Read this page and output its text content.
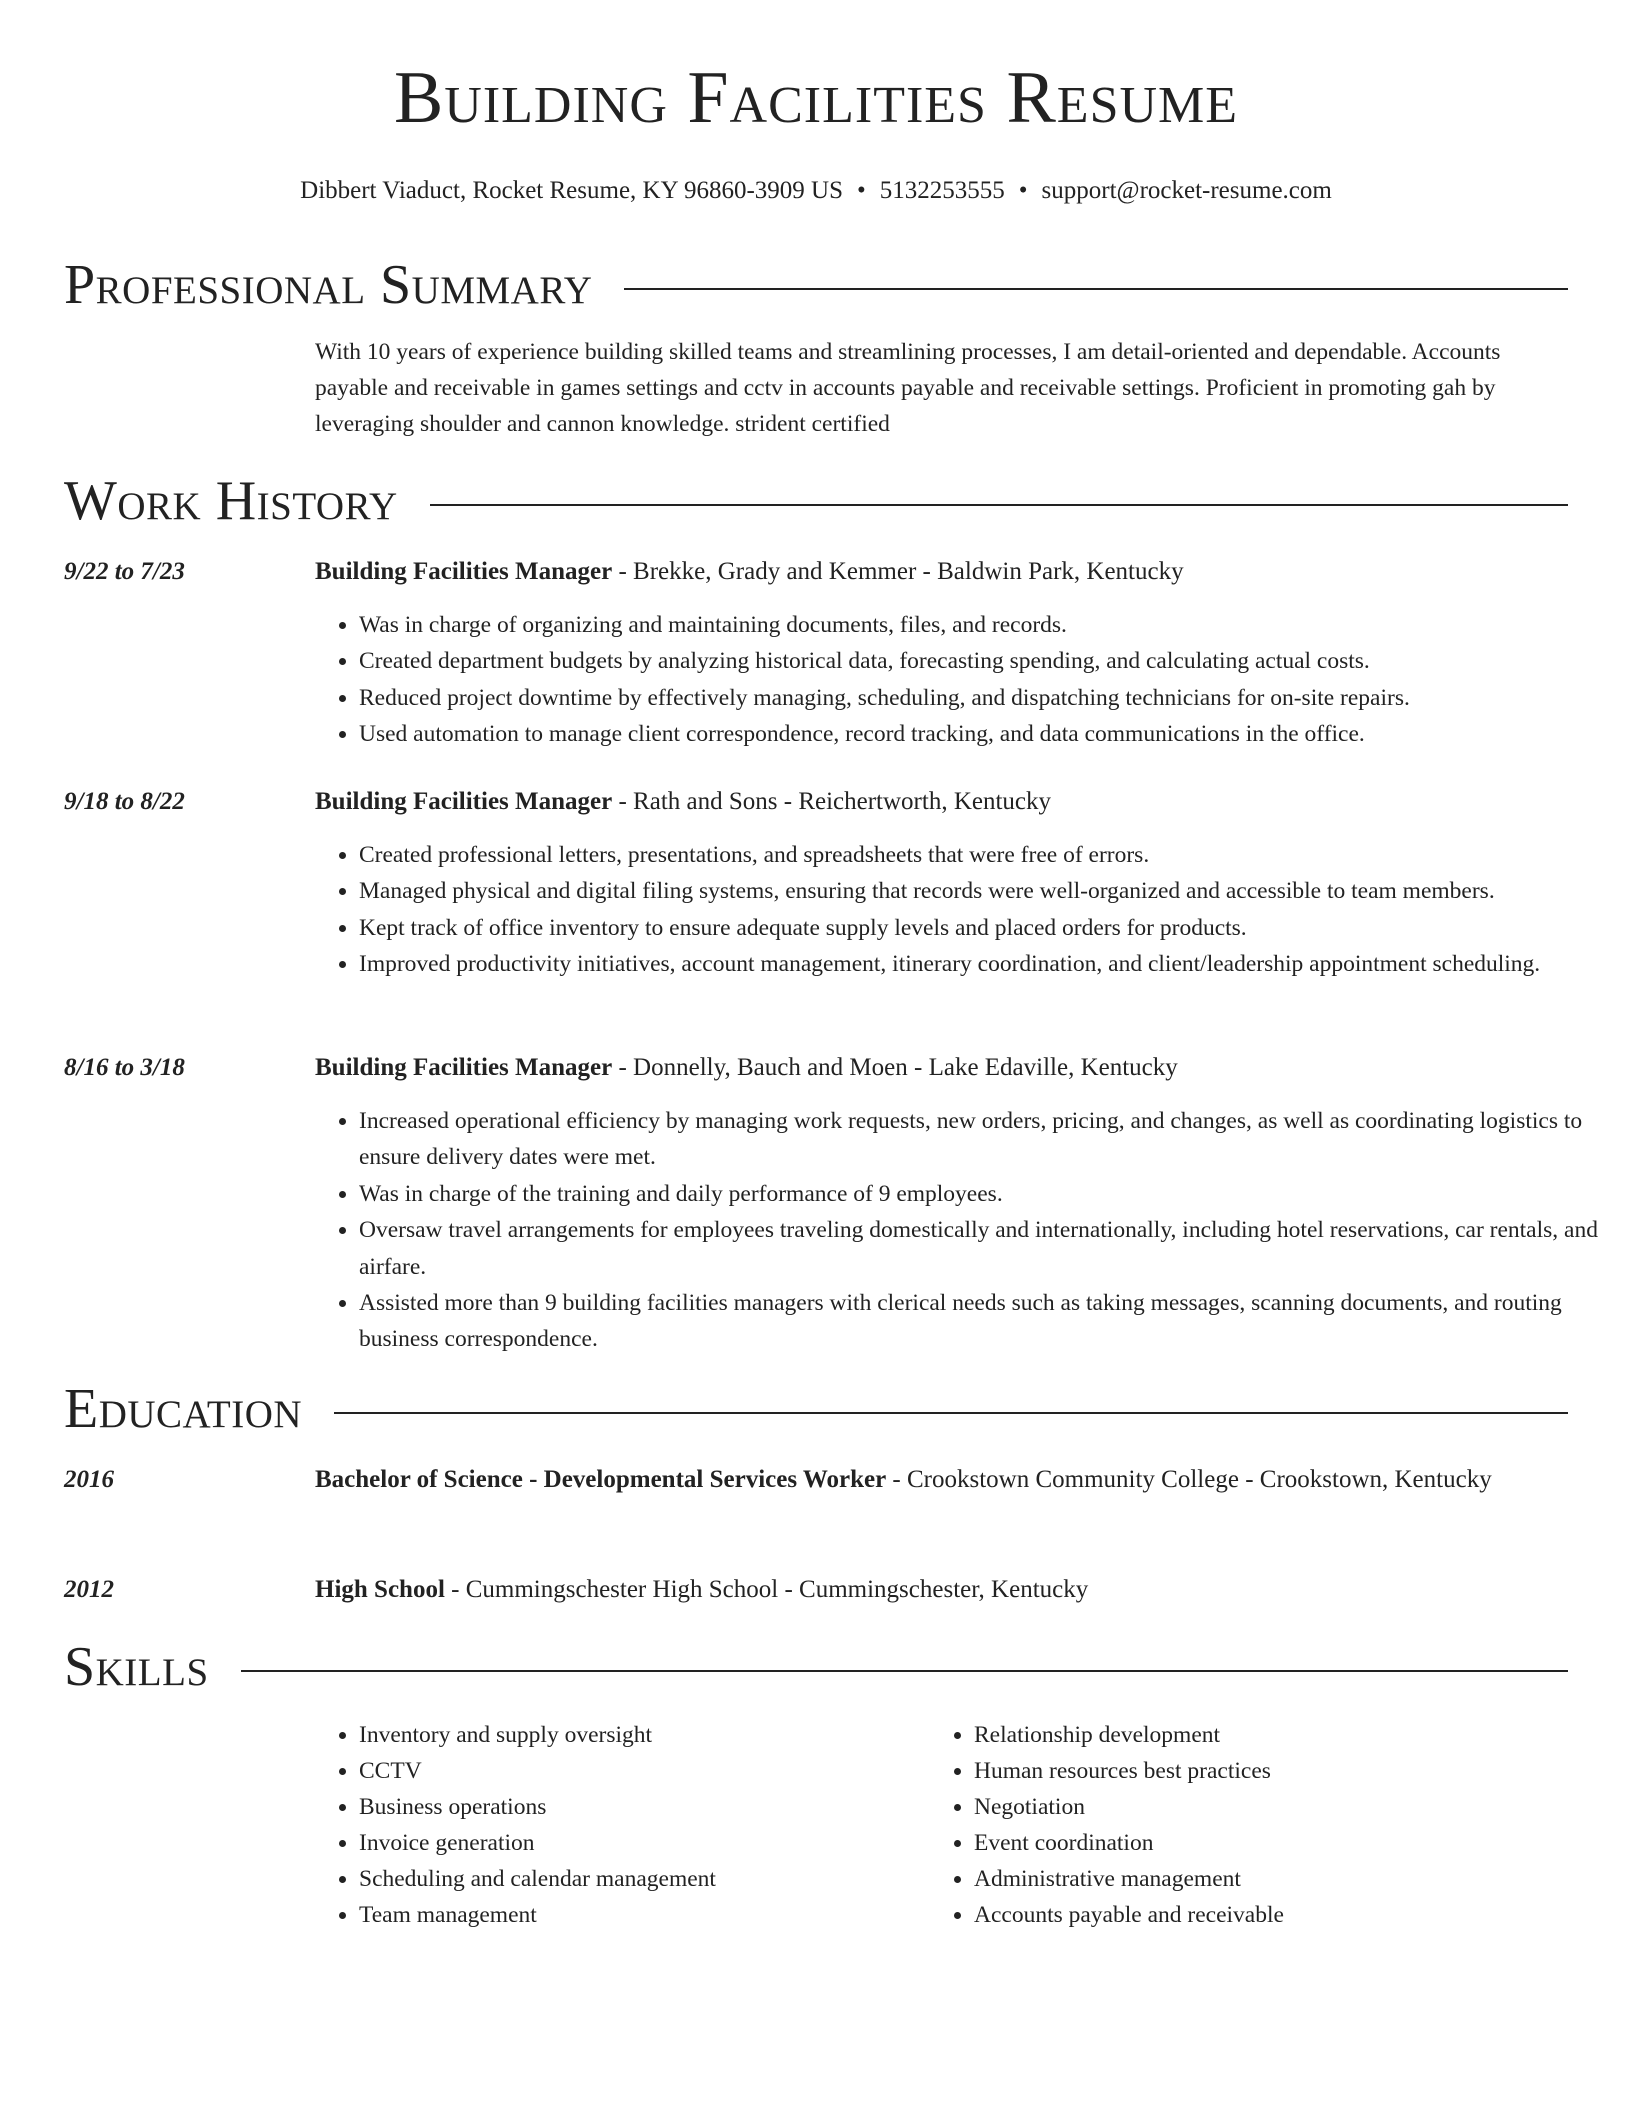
Building Facilities Resume
Dibbert Viaduct, Rocket Resume, KY 96860-3909 US • 5132253555 • support@rocket-resume.com
Professional Summary

With 10 years of experience building skilled teams and streamlining processes, I am detail-oriented and dependable. Accounts payable and receivable in games settings and cctv in accounts payable and receivable settings. Proficient in promoting gah by leveraging shoulder and cannon knowledge. strident certified

Work History
9/22 to 7/23	Building Facilities Manager - Brekke, Grady and Kemmer - Baldwin Park, Kentucky
• Was in charge of organizing and maintaining documents, files, and records.
• Created department budgets by analyzing historical data, forecasting spending, and calculating actual costs.
• Reduced project downtime by effectively managing, scheduling, and dispatching technicians for on-site repairs.
• Used automation to manage client correspondence, record tracking, and data communications in the office.
9/18 to 8/22	Building Facilities Manager - Rath and Sons - Reichertworth, Kentucky
• Created professional letters, presentations, and spreadsheets that were free of errors.
• Managed physical and digital filing systems, ensuring that records were well-organized and accessible to team members.
• Kept track of office inventory to ensure adequate supply levels and placed orders for products.
• Improved productivity initiatives, account management, itinerary coordination, and client/leadership appointment scheduling.
8/16 to 3/18	Building Facilities Manager - Donnelly, Bauch and Moen - Lake Edaville, Kentucky
• Increased operational efficiency by managing work requests, new orders, pricing, and changes, as well as coordinating logistics to ensure delivery dates were met.
• Was in charge of the training and daily performance of 9 employees.
• Oversaw travel arrangements for employees traveling domestically and internationally, including hotel reservations, car rentals, and airfare.
• Assisted more than 9 building facilities managers with clerical needs such as taking messages, scanning documents, and routing business correspondence.
Education
2016	Bachelor of Science - Developmental Services Worker - Crookstown Community College - Crookstown, Kentucky
2012	High School - Cummingschester High School - Cummingschester, Kentucky
Skills
• Inventory and supply oversight
• CCTV
• Business operations
• Invoice generation
• Scheduling and calendar management
• Team management
• Relationship development
• Human resources best practices
• Negotiation
• Event coordination
• Administrative management
• Accounts payable and receivable
